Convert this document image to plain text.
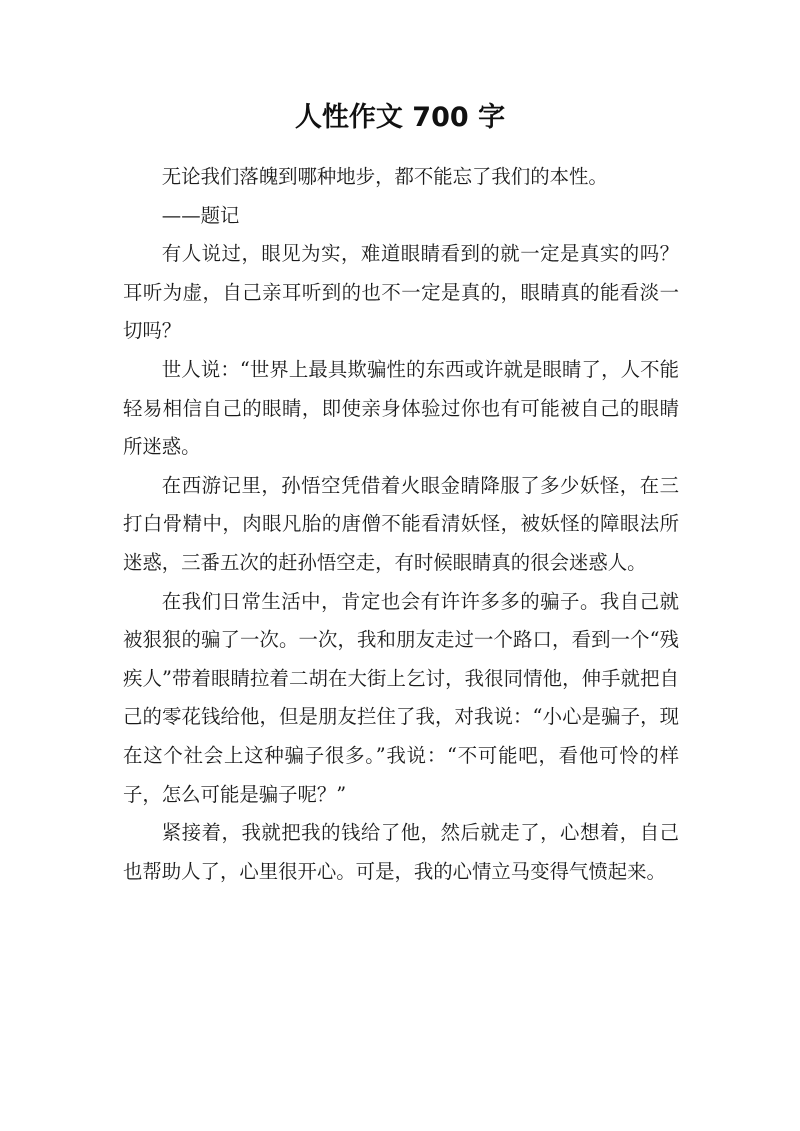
人性作文 700 字

无论我们落魄到哪种地步，都不能忘了我们的本性。

——题记

有人说过，眼见为实，难道眼睛看到的就一定是真实的吗？耳听为虚，自己亲耳听到的也不一定是真的，眼睛真的能看淡一切吗？

世人说：“世界上最具欺骗性的东西或许就是眼睛了，人不能轻易相信自己的眼睛，即使亲身体验过你也有可能被自己的眼睛所迷惑。

在西游记里，孙悟空凭借着火眼金睛降服了多少妖怪，在三打白骨精中，肉眼凡胎的唐僧不能看清妖怪，被妖怪的障眼法所迷惑，三番五次的赶孙悟空走，有时候眼睛真的很会迷惑人。

在我们日常生活中，肯定也会有许许多多的骗子。我自己就被狠狠的骗了一次。一次，我和朋友走过一个路口，看到一个“残疾人”带着眼睛拉着二胡在大街上乞讨，我很同情他，伸手就把自己的零花钱给他，但是朋友拦住了我，对我说：“小心是骗子，现在这个社会上这种骗子很多。”我说：“不可能吧，看他可怜的样子，怎么可能是骗子呢？”

紧接着，我就把我的钱给了他，然后就走了，心想着，自己也帮助人了，心里很开心。可是，我的心情立马变得气愤起来。
